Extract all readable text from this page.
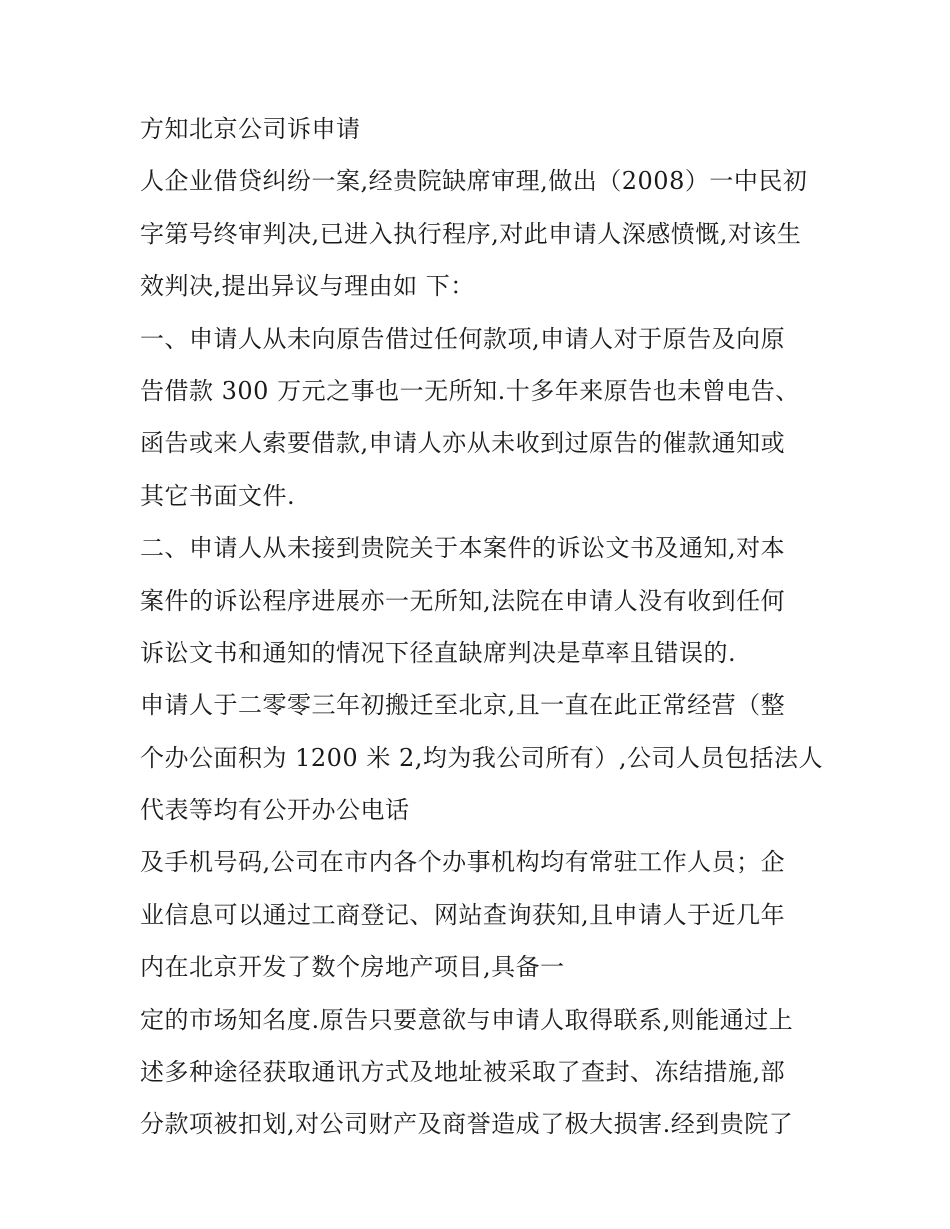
方知北京公司诉申请
人企业借贷纠纷一案,经贵院缺席审理,做出（2008）一中民初
字第号终审判决,已进入执行程序,对此申请人深感愤慨,对该生
效判决,提出异议与理由如 下：
一、申请人从未向原告借过任何款项,申请人对于原告及向原
告借款 300 万元之事也一无所知.十多年来原告也未曾电告、
函告或来人索要借款,申请人亦从未收到过原告的催款通知或
其它书面文件.
二、申请人从未接到贵院关于本案件的诉讼文书及通知,对本
案件的诉讼程序进展亦一无所知,法院在申请人没有收到任何
诉讼文书和通知的情况下径直缺席判决是草率且错误的.
申请人于二零零三年初搬迁至北京,且一直在此正常经营（整
个办公面积为 1200 米 2,均为我公司所有）,公司人员包括法人
代表等均有公开办公电话
及手机号码,公司在市内各个办事机构均有常驻工作人员；企
业信息可以通过工商登记、网站查询获知,且申请人于近几年
内在北京开发了数个房地产项目,具备一
定的市场知名度.原告只要意欲与申请人取得联系,则能通过上
述多种途径获取通讯方式及地址被采取了查封、冻结措施,部
分款项被扣划,对公司财产及商誉造成了极大损害.经到贵院了
